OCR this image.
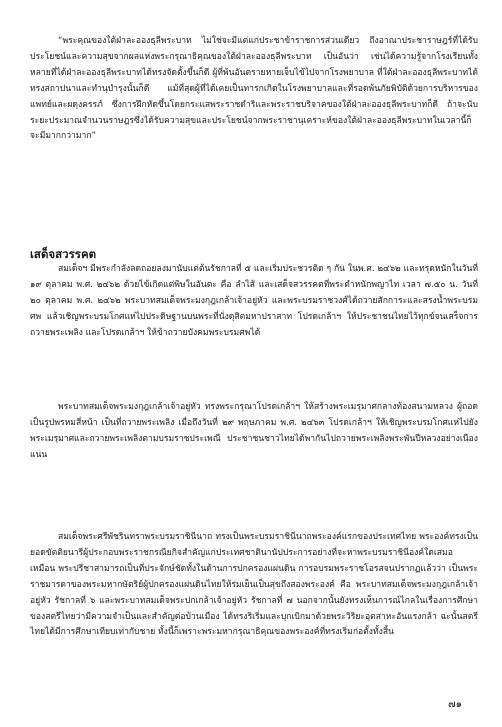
“พระคุณของใต้ฝ่าละอองธุลีพระบาท ไม่ใช่จะมีแต่แก่ประชาข้าราชการส่วนเดียว ถึงอาณาประชาราษฎร์ที่ได้รับประโยชน์และความสุขจากผลแห่งพระกรุณาธิคุณของใต้ฝ่าละอองธุลีพระบาท เป็นอันว่า เช่นได้ความรู้จากโรงเรียนทั้งหลายที่ได้ฝ่าละอองธุลีพระบาทได้ทรงจัดตั้งขึ้นก็ดี ผู้ที่พ้นอันตรายหายเจ็บไข้ไปจากโรงพยาบาล ที่ใต้ฝ่าละอองธุลีพระบาทได้ทรงสถาปนาและทำนุบำรุงนั้นก็ดี แม้ที่สุดผู้ที่ได้เคยเป็นทารกเกิดในโรงพยาบาลและที่รอดพ้นภัยพิบัติด้วยการบริหารของแพทย์และผดุงครรภ์ ซึ่งการฝึกหัดขึ้นโดยกระแสพระราชดำริและพระราชบริจาคของใต้ฝ่าละอองธุลีพระบาทก็ดี ถ้าจะนับระยะประมาณจำนวนราษฎรซึ่งได้รับความสุขและประโยชน์จากพระราชานุเคราะห์ของใต้ฝ่าละอองธุลีพระบาทในเวลานี้ก็จะมีมากกว่ามาก”

เสด็จสวรรคต

สมเด็จฯ มีพระกำลังลดถอยลงมานับแต่ต้นรัชกาลที่ ๕ และเริ่มประชวรติด ๆ กัน ในพ.ศ. ๒๔๖๒ และทรุดหนักในวันที่ ๑๙ ตุลาคม พ.ศ. ๒๔๖๒ ด้วยไข้เกิดแต่พิษในอันตะ คือ ลำไส้ และเสด็จสวรรคตที่พระตำหนักพญาไท เวลา ๗.๕๐ น. วันที่ ๒๐ ตุลาคม พ.ศ. ๒๔๖๒ พระบาทสมเด็จพระมงกุฎเกล้าเจ้าอยู่หัว และพระบรมราชวงศ์ได้ถวายสักการะและสรงน้ำพระบรมศพ แล้วเชิญพระบรมโกศแห่ไปประดิษฐานบนพระที่นั่งดุสิตมหาปราสาท โปรดเกล้าฯ ให้ประชาชนไทยไว้ทุกข์จนเสร็จการถวายพระเพลิง และโปรดเกล้าฯ ให้ข้าถวายบังคมพระบรมศพได้

พระบาทสมเด็จพระมงกุฎเกล้าเจ้าอยู่หัว ทรงพระกรุณาโปรดเกล้าฯ ให้สร้างพระเมรุมาศกลางท้องสนามหลวง ผู้ถอดเป็นรูปพรหมสี่หน้า เป็นที่ถวายพระเพลิง เมื่อถึงวันที่ ๒๙ พฤษภาคม พ.ศ. ๒๔๖๓ โปรดเกล้าฯ ให้เชิญพระบรมโกศแห่ไปยังพระเมรุมาศและถวายพระเพลิงตามบรมราชประเพณี ประชาชนชาวไทยได้พากันไปถวายพระเพลิงพระพันปีหลวงอย่างเนืองแน่น

สมเด็จพระศรีพัชรินทราพระบรมราชินีนาถ ทรงเป็นพระบรมราชินีนาถพระองค์แรกของประเทศไทย พระองค์ทรงเป็นยอดขัตติยนารีผู้ประกอบพระราชกรณียกิจสำคัญแก่ประเทศชาตินานัปประการอย่างที่จะหาพระบรมราชินีองค์ใดเสมอเหมือน พระปรีชาสามารถเป็นที่ประจักษ์ชัดทั้งในด้านการปกครองแผ่นดิน การอบรมพระราชโอรสจนปรากฏแล้วว่า เป็นพระราชมารดาของพระมหากษัตริย์ผู้ปกครองแผ่นดินไทยให้ร่มเย็นเป็นสุขถึงสองพระองค์ คือ พระบาทสมเด็จพระมงกุฎเกล้าเจ้าอยู่หัว รัชกาลที่ ๖ และพระบาทสมเด็จพระปกเกล้าเจ้าอยู่หัว รัชกาลที่ ๗ นอกจากนั้นยังทรงเห็นการณ์ไกลในเรื่องการศึกษาของสตรีไทยว่ามีความจำเป็นและสำคัญต่อบ้านเมือง ได้ทรงริเริ่มและบุกเบิกมาด้วยพระวิริยะอุตสาหะอันแรงกล้า ฉะนั้นสตรีไทยได้มีการศึกษาเทียบเท่ากับชาย ทั้งนี้ก็เพราะพระมหากรุณาธิคุณของพระองค์ที่ทรงเริ่มก่อตั้งทั้งสิ้น

๗๑
